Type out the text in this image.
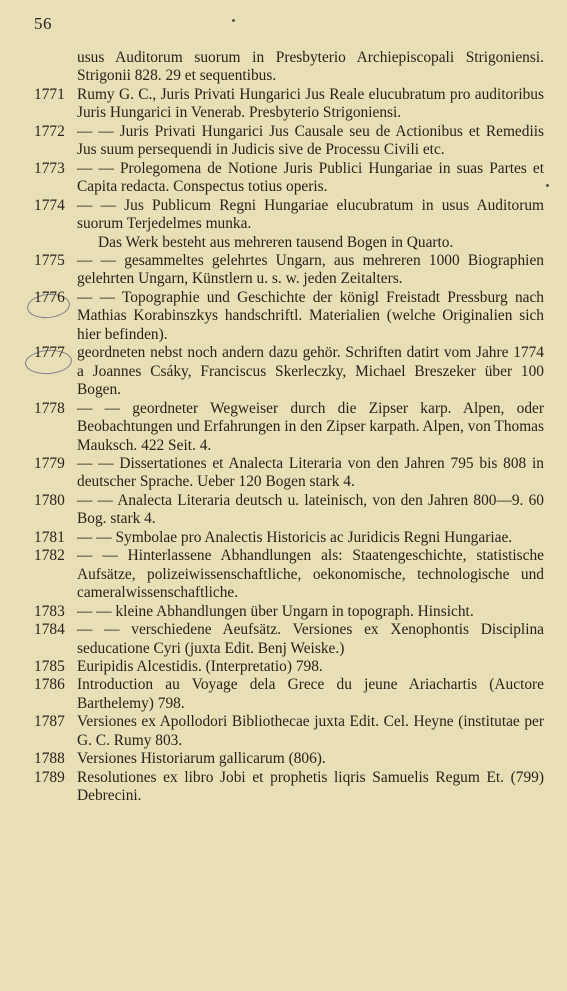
56
usus Auditorum suorum in Presbyterio Archiepiscopali Strigoniensi. Strigonii 828. 29 et sequentibus.
1771 Rumy G. C., Juris Privati Hungarici Jus Reale elucubratum pro auditoribus Juris Hungarici in Venerab. Presbyterio Strigoniensi.
1772 — — Juris Privati Hungarici Jus Causale seu de Actionibus et Remediis Jus suum persequendi in Judicis sive de Processu Civili etc.
1773 — — Prolegomena de Notione Juris Publici Hungariae in suas Partes et Capita redacta. Conspectus totius operis.
1774 — — Jus Publicum Regni Hungariae elucubratum in usus Auditorum suorum Terjedelmes munka.
Das Werk besteht aus mehreren tausend Bogen in Quarto.
1775 — — gesammeltes gelehrtes Ungarn, aus mehreren 1000 Biographien gelehrten Ungarn, Künstlern u. s. w. jeden Zeitalters.
1776 — — Topographie und Geschichte der königl Freistadt Pressburg nach Mathias Korabinszkys handschriftl. Materialien (welche Originalien sich hier befinden).
1777 geordneten nebst noch andern dazu gehör. Schriften datirt vom Jahre 1774 a Joannes Csáky, Franciscus Skerleczky, Michael Breszeker über 100 Bogen.
1778 — — geordneter Wegweiser durch die Zipser karp. Alpen, oder Beobachtungen und Erfahrungen in den Zipser karpath. Alpen, von Thomas Mauksch. 422 Seit. 4.
1779 — — Dissertationes et Analecta Literaria von den Jahren 795 bis 808 in deutscher Sprache. Ueber 120 Bogen stark 4.
1780 — — Analecta Literaria deutsch u. lateinisch, von den Jahren 800—9. 60 Bog. stark 4.
1781 — — Symbolae pro Analectis Historicis ac Juridicis Regni Hungariae.
1782 — — Hinterlassene Abhandlungen als: Staatengeschichte, statistische Aufsätze, polizeiwissenschaftliche, oekonomische, technologische und cameralwissenschaftliche.
1783 — — kleine Abhandlungen über Ungarn in topograph. Hinsicht.
1784 — — verschiedene Aeufsätz. Versiones ex Xenophontis Disciplina seducatione Cyri (juxta Edit. Benj Weiske.)
1785 Euripidis Alcestidis. (Interpretatio) 798.
1786 Introduction au Voyage dela Grece du jeune Ariachartis (Auctore Barthelemy) 798.
1787 Versiones ex Apollodori Bibliothecae juxta Edit. Cel. Heyne (institutae per G. C. Rumy 803.
1788 Versiones Historiarum gallicarum (806).
1789 Resolutiones ex libro Jobi et prophetis liqris Samuelis Regum Et. (799) Debrecini.
